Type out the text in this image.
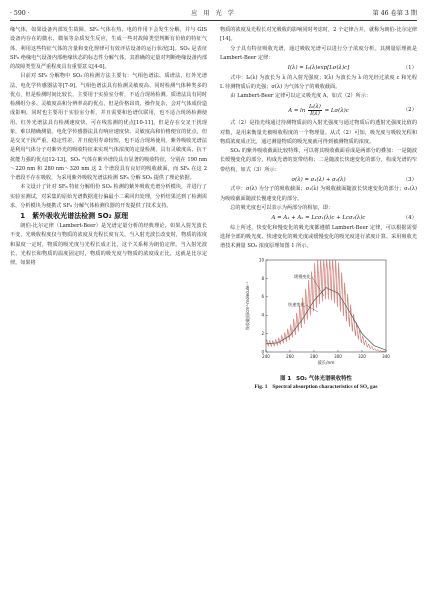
· 590 ·	应 用 光 学	第 46 卷第 3 期

缘气体，如果设备内部发生故障，SF₆ 气体在热、电的作用下会发生分解，并与 GIS 设备内存在的微水、微氧等杂质发生反应，生成一些对故障类型判断有价值的特征气体，利用这些特征气体的含量和变化规律可有效评估设备的运行状况[3]。SO₂ 是表征 SF₆ 绝缘电气设备内部绝缘状态的标志性分解气体，其准确的定量对判断绝缘设备内部的故障类型及严重程度具有重要意义[4-6]。

目前对 SF₆ 分解物中 SO₂ 的检测方法主要有：气相色谱法、质谱法、红外光谱法、电化学传感器法等[7-9]。气相色谱法具有检测灵敏度高、同时检测气体种类多的优点，但是检测时间比较长，主要用于实验室分析，不适合现场检测。质谱法具有同时检测组分多、灵敏度高和分辨率高的优点，但是价格昂贵，操作复杂，会对气体成份造成影响，同时也主要用于实验室分析，并且需要和色谱仪联用，也不适合现场检测使用。红外光谱法具有检测速度快、可在线监测的优点[10-11]，但是存在交叉干扰现象，难以精确测量。电化学传感器法具有响应速度快、灵敏度高和价格便宜的优点，但是交叉干扰严重，稳定性差，并且使用寿命较短，也不适合现场使用。紫外吸收光谱法是利用气体分子对紫外光的吸收特征来实现气体浓度的定量检测，具有灵敏度高、抗干扰能力强的优点[12-13]。SO₂ 气体在紫外谱段具有显著的吸收特征，分别在 190 nm～220 nm 和 280 nm～320 nm 这 2 个谱段具有良好的吸收截面，而 SF₆ 在这 2 个谱段不存在吸收，为采用紫外吸收光谱法检测 SF₆ 分解 SO₂ 提供了理论依据。

本文设计了针对 SF₆ 特征分解组份 SO₂ 检测的紫外吸收光谱分析模块，并进行了实验室测试，对采集的原始光谱数据进行偏最小二乘回归处理，分析结果达到了检测需求，分析模块为便携式 SF₆ 分解气体检测仪器的开发提供了技术支持。

1　紫外吸收光谱法检测 SO₂ 原理

朗伯-比尔定律（Lambert-Beer）是光谱定量分析的经典理论。如果入射光波长不变，光吸收程度仅与物质的浓度及光程长度有关，当入射光波长改变时，物质的浓度和温度一定时，物质的吸光度与光程长成正比，这个关系称为朗伯定律。当入射光波长、光程长和物质的温度固定时，物质的吸光度与物质的浓度成正比，这就是比尔定律。如果将

物质的浓度及光程长对光吸收的影响同时考虑时，2 个定律合并，就称为朗伯-比尔定律[14]。

分子具有特征吸收光谱，通过吸收光谱可以进行分子浓度分析。其测量原理就是 Lambert-Beer 定律：

I(λ) = I₀(λ)exp[Lσ(λ)c]	（1）

式中：I₀(λ) 为波长为 λ 的入射光强度；I(λ) 为波长为 λ 的光经过浓度 c 和光程 L 待测物质后的光强；σ(λ) 为气体分子的吸收截面。

由 Lambert-Beer 定律可以定义吸光度 A，如式（2）所示：

$A = \ln \frac{\text{I₀(λ)}}{I(\lambda)} = L\sigma(\lambda)c$	（2）

式（2）是指光线通过待测物质前的入射光强度与通过物质后的透射光强度比值的对数，是用来衡量光被吸收程度的一个物理量。从式（2）可知，吸光度与吸收光程和物质浓度成正比，通过测量物质的吸光度就可得到被测物质的浓度。

SO₂ 的紫外吸收截面比较特殊，可以将其吸收截面看成是两部分的叠加：一是随波长缓慢变化的部分，构成光谱的宽带结构；二是随波长快速变化的部分，构成光谱的窄带结构，如式（3）所示：

σ(λ) = σ₁(λ) + σ₂(λ)	（3）

式中：σ(λ) 为分子的吸收截面；σ₁(λ) 为吸收截面随波长快速变化的部分；σ₂(λ) 为吸收截面随波长慢速变化的部分。

总的吸光度也可以表示为两部分的相加，即：

A = A₁ + A₂ = Lcσ₁(λ)c + Lcσ₂(λ)c	（4）

综上所述，快变化和慢变化的吸光度都遵循 Lambert-Beer 定律，可以根据需要选择全部的吸光度、快速变化的吸光度或缓慢变化的吸光度进行浓度计算。采用吸收光谱技术测量 SO₂ 浓度原理如图 1 所示。

240	260	280	300	320	340
0
2
4
6
8
10
缓慢变化
快速变化
波长/nm
吸收截面/cm²·molecule⁻¹
图 1 SO₂ 气体光谱吸收特性
Fig. 1 Spectral absorption characteristics of SO₂ gas
